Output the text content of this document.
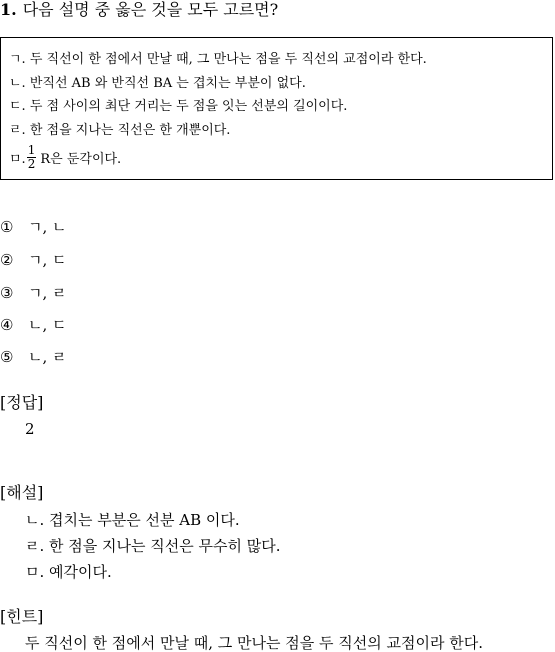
1. 다음 설명 중 옳은 것을 모두 고르면?
ㄱ. 두 직선이 한 점에서 만날 때, 그 만나는 점을 두 직선의 교점이라 한다.
ㄴ. 반직선 AB 와 반직선 BA 는 겹치는 부분이 없다.
ㄷ. 두 점 사이의 최단 거리는 두 점을 잇는 선분의 길이이다.
ㄹ. 한 점을 지나는 직선은 한 개뿐이다.
ㅁ. $\frac{1}{2}$ R은 둔각이다.
① ㄱ, ㄴ
② ㄱ, ㄷ
③ ㄱ, ㄹ
④ ㄴ, ㄷ
⑤ ㄴ, ㄹ
[정답]
2
[해설]
ㄴ. 겹치는 부분은 선분 AB 이다.
ㄹ. 한 점을 지나는 직선은 무수히 많다.
ㅁ. 예각이다.
[힌트]
두 직선이 한 점에서 만날 때, 그 만나는 점을 두 직선의 교점이라 한다.
